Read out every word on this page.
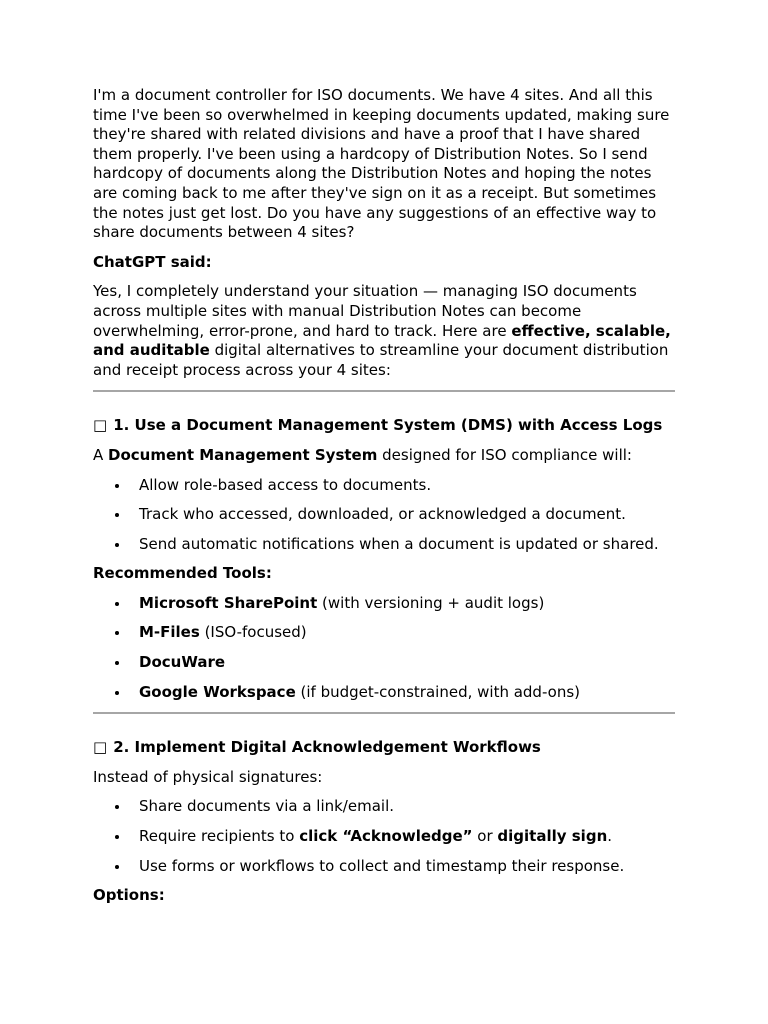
I'm a document controller for ISO documents. We have 4 sites. And all this time I've been so overwhelmed in keeping documents updated, making sure they're shared with related divisions and have a proof that I have shared them properly. I've been using a hardcopy of Distribution Notes. So I send hardcopy of documents along the Distribution Notes and hoping the notes are coming back to me after they've sign on it as a receipt. But sometimes the notes just get lost. Do you have any suggestions of an effective way to share documents between 4 sites?

ChatGPT said:

Yes, I completely understand your situation — managing ISO documents across multiple sites with manual Distribution Notes can become overwhelming, error-prone, and hard to track. Here are effective, scalable, and auditable digital alternatives to streamline your document distribution and receipt process across your 4 sites:

□ 1. Use a Document Management System (DMS) with Access Logs

A Document Management System designed for ISO compliance will:

Allow role-based access to documents.
Track who accessed, downloaded, or acknowledged a document.
Send automatic notifications when a document is updated or shared.

Recommended Tools:

Microsoft SharePoint (with versioning + audit logs)
M-Files (ISO-focused)
DocuWare
Google Workspace (if budget-constrained, with add-ons)
□ 2. Implement Digital Acknowledgement Workflows

Instead of physical signatures:

Share documents via a link/email.
Require recipients to click “Acknowledge” or digitally sign.
Use forms or workflows to collect and timestamp their response.

Options:
